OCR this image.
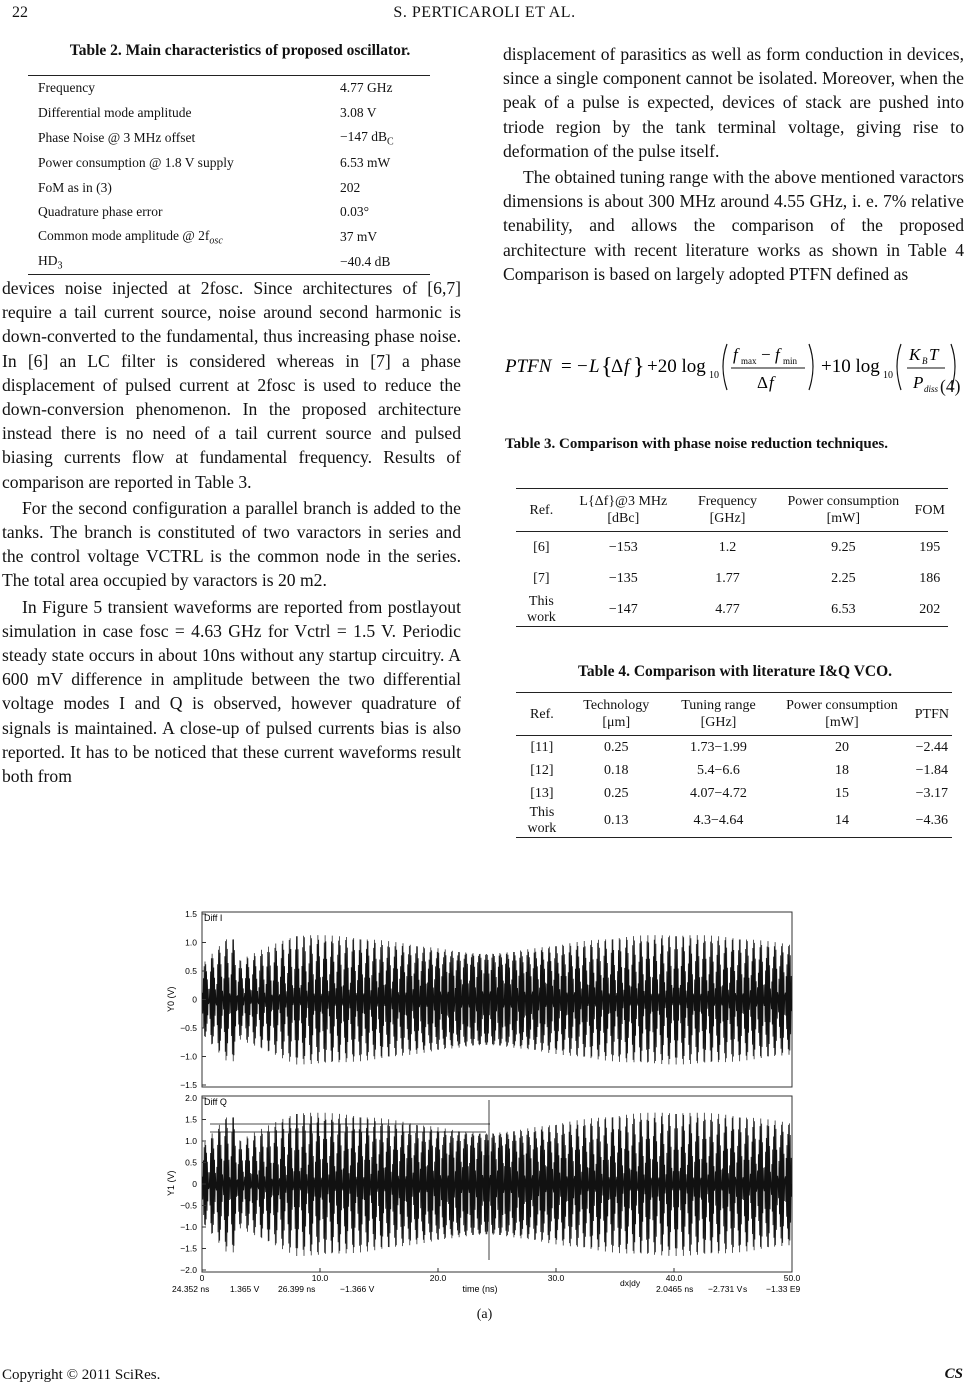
22	S. PERTICAROLI ET AL.
Table 2. Main characteristics of proposed oscillator.
Frequency	4.77 GHz
Differential mode amplitude	3.08 V
Phase Noise @ 3 MHz offset	−147 $dB_C$
Power consumption @ 1.8 V supply	6.53 mW
FoM as in (3)	202
Quadrature phase error	0.03°
Common mode amplitude @ $2f_{osc}$	37 mV
$HD_3$	−40.4 dB

devices noise injected at 2fosc. Since architectures of [6,7] require a tail current source, noise around second harmonic is down-converted to the fundamental, thus increasing phase noise. In [6] an LC filter is considered whereas in [7] a phase displacement of pulsed current at 2fosc is used to reduce the down-conversion phenomenon. In the proposed architecture instead there is no need of a tail current source and pulsed biasing currents flow at fundamental frequency. Results of comparison are reported in Table 3.

For the second configuration a parallel branch is added to the tanks. The branch is constituted of two varactors in series and the control voltage VCTRL is the common node in the series. The total area occupied by varactors is 20 m2.

In Figure 5 transient waveforms are reported from postlayout simulation in case fosc = 4.63 GHz for Vctrl = 1.5 V. Periodic steady state occurs in about 10ns without any startup circuitry. A 600 mV difference in amplitude between the two differential voltage modes I and Q is observed, however quadrature of signals is maintained. A close-up of pulsed currents bias is also reported. It has to be noticed that these current waveforms result both from

displacement of parasitics as well as form conduction in devices, since a single component cannot be isolated. Moreover, when the peak of a pulse is expected, devices of stack are pushed into triode region by the tank terminal voltage, giving rise to deformation of the pulse itself.

The obtained tuning range with the above mentioned varactors dimensions is about 300 MHz around 4.55 GHz, i. e. 7% relative tenability, and allows the comparison of the proposed architecture with recent literature works as shown in Table 4 Comparison is based on largely adopted PTFN defined as

PTFN = − L {
Δ f } +20 log 10
f max − f min
Δ f
+10 log 10
K B T
P diss (4)
Table 3. Comparison with phase noise reduction techniques.
Ref.	L{Δf}@3 MHz [dBc]	Frequency [GHz]	Power consumption [mW]	FOM
[6]	−153	1.2	9.25	195
[7]	−135	1.77	2.25	186
This work	−147	4.77	6.53	202
Table 4. Comparison with literature I&Q VCO.
Ref.	Technology [μm]	Tuning range [GHz]	Power consumption [mW]	PTFN
[11]	0.25	1.73−1.99	20	−2.44
[12]	0.18	5.4−6.6	18	−1.84
[13]	0.25	4.07−4.72	15	−3.17
This work	0.13	4.3−4.64	14	−4.36
Diff I
Diff Q
Y0 (V)
Y1 (V)
1.5
1.0
0.5
0
−0.5
−1.0
−1.5
2.0
1.5
1.0
0.5
0
−0.5
−1.0
−1.5
−2.0
0	10.0	20.0	30.0	40.0	50.0
time (ns)
24.352 ns 1.365 V 26.399 ns	−1.366 V
dx|dy
2.0465 ns −2.731 V s −1.33 E9
(a)
Copyright © 2011 SciRes.	CS
